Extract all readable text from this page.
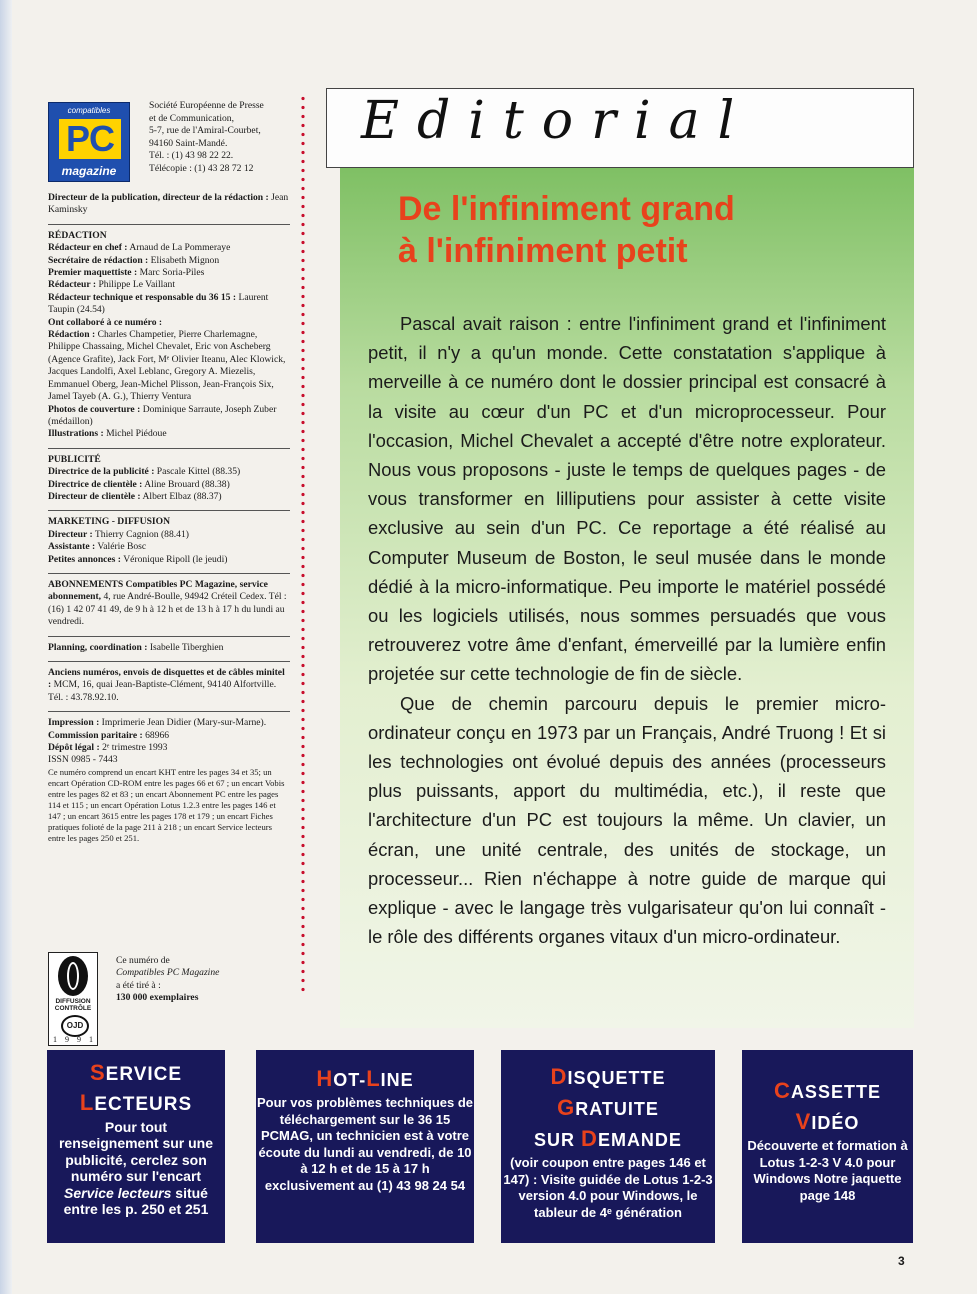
compatibles
PC
magazine
Société Européenne de Presse
et de Communication,
5-7, rue de l'Amiral-Courbet,
94160 Saint-Mandé.
Tél. : (1) 43 98 22 22.
Télécopie : (1) 43 28 72 12

Directeur de la publication, directeur de la rédaction : Jean Kaminsky

RÉDACTION

Rédacteur en chef : Arnaud de La Pommeraye

Secrétaire de rédaction : Elisabeth Mignon

Premier maquettiste : Marc Soria-Piles

Rédacteur : Philippe Le Vaillant

Rédacteur technique et responsable du 36 15 : Laurent Taupin (24.54)

Ont collaboré à ce numéro :

Rédaction : Charles Champetier, Pierre Charlemagne, Philippe Chassaing, Michel Chevalet, Eric von Ascheberg (Agence Grafite), Jack Fort, Mᵉ Olivier Iteanu, Alec Klowick, Jacques Landolfi, Axel Leblanc, Gregory A. Miezelis, Emmanuel Oberg, Jean-Michel Plisson, Jean-François Six, Jamel Tayeb (A. G.), Thierry Ventura

Photos de couverture : Dominique Sarraute, Joseph Zuber (médaillon)

Illustrations : Michel Piédoue

PUBLICITÉ

Directrice de la publicité : Pascale Kittel (88.35)

Directrice de clientèle : Aline Brouard (88.38)

Directeur de clientèle : Albert Elbaz (88.37)

MARKETING - DIFFUSION

Directeur : Thierry Cagnion (88.41)

Assistante : Valérie Bosc

Petites annonces : Véronique Ripoll (le jeudi)

ABONNEMENTS Compatibles PC Magazine, service abonnement, 4, rue André-Boulle, 94942 Créteil Cedex. Tél : (16) 1 42 07 41 49, de 9 h à 12 h et de 13 h à 17 h du lundi au vendredi.

Planning, coordination : Isabelle Tiberghien

Anciens numéros, envois de disquettes et de câbles minitel : MCM, 16, quai Jean-Baptiste-Clément, 94140 Alfortville. Tél. : 43.78.92.10.

Impression : Imprimerie Jean Didier (Mary-sur-Marne).

Commission paritaire : 68966

Dépôt légal : 2ᵉ trimestre 1993

ISSN 0985 - 7443

Ce numéro comprend un encart KHT entre les pages 34 et 35; un encart Opération CD-ROM entre les pages 66 et 67 ; un encart Vobis entre les pages 82 et 83 ; un encart Abonnement PC entre les pages 114 et 115 ; un encart Opération Lotus 1.2.3 entre les pages 146 et 147 ; un encart 3615 entre les pages 178 et 179 ; un encart Fiches pratiques folioté de la page 211 à 218 ; un encart Service lecteurs entre les pages 250 et 251.

DIFFUSION
CONTRÔLE
OJD
1 9 9 1
Ce numéro de
Compatibles PC Magazine
a été tiré à :
130 000 exemplaires
Editorial
De l'infiniment grand
à l'infiniment petit

Pascal avait raison : entre l'infiniment grand et l'infiniment petit, il n'y a qu'un monde. Cette constatation s'applique à merveille à ce numéro dont le dossier principal est consacré à la visite au cœur d'un PC et d'un microprocesseur. Pour l'occasion, Michel Chevalet a accepté d'être notre explorateur. Nous vous proposons - juste le temps de quelques pages - de vous transformer en lilliputiens pour assister à cette visite exclusive au sein d'un PC. Ce reportage a été réalisé au Computer Museum de Boston, le seul musée dans le monde dédié à la micro-informatique. Peu importe le matériel possédé ou les logiciels utilisés, nous sommes persuadés que vous retrouverez votre âme d'enfant, émerveillé par la lumière enfin projetée sur cette technologie de fin de siècle.

Que de chemin parcouru depuis le premier micro-ordinateur conçu en 1973 par un Français, André Truong ! Et si les technologies ont évolué depuis des années (processeurs plus puissants, apport du multimédia, etc.), il reste que l'architecture d'un PC est toujours la même. Un clavier, un écran, une unité centrale, des unités de stockage, un processeur... Rien n'échappe à notre guide de marque qui explique - avec le langage très vulgarisateur qu'on lui connaît - le rôle des différents organes vitaux d'un micro-ordinateur.

SERVICE
LECTEURS
Pour tout renseignement sur une publicité, cerclez son numéro sur l'encart Service lecteurs situé entre les p. 250 et 251
HOT-LINE
Pour vos problèmes techniques de téléchargement sur le 36 15 PCMAG, un technicien est à votre écoute du lundi au vendredi, de 10 à 12 h et de 15 à 17 h exclusivement au (1) 43 98 24 54
DISQUETTE
GRATUITE
SUR DEMANDE
(voir coupon entre pages 146 et 147) : Visite guidée de Lotus 1-2-3 version 4.0 pour Windows, le tableur de 4ᵉ génération
CASSETTE
VIDÉO
Découverte et formation à Lotus 1-2-3 V 4.0 pour Windows Notre jaquette page 148
3
